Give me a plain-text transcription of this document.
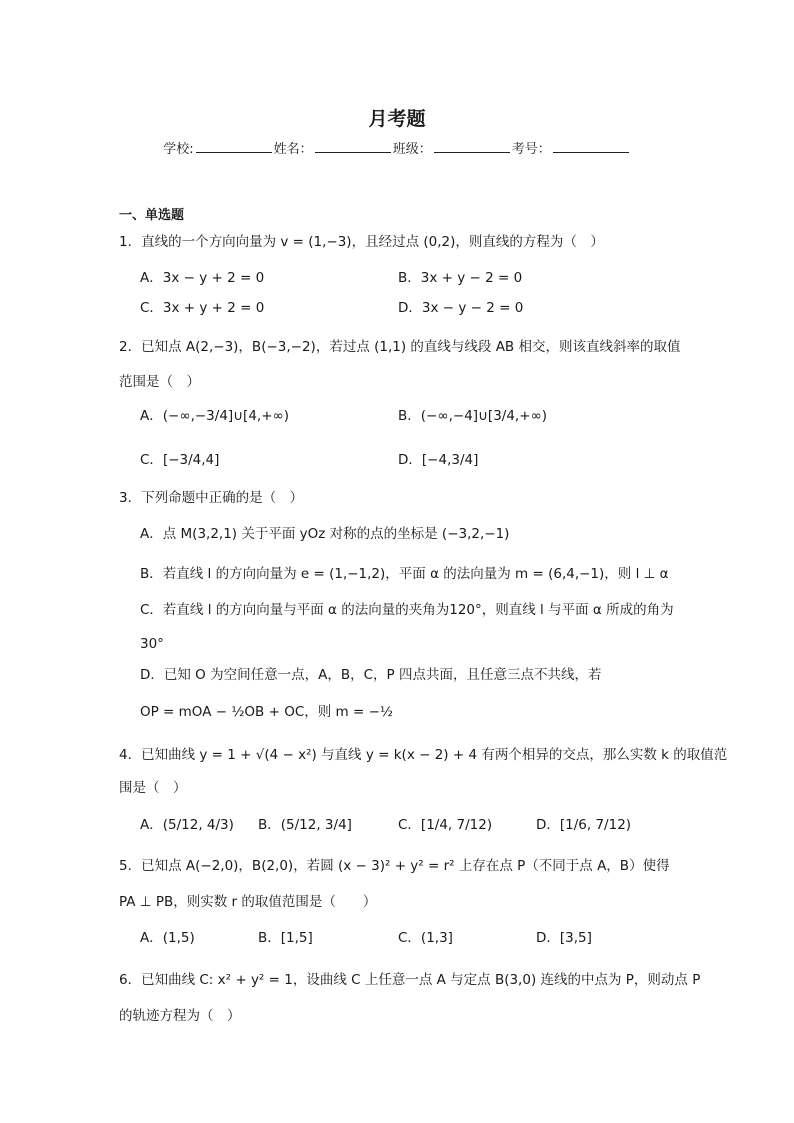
月考题
学校:	姓名：	班级：	考号：
一、单选题
1．直线的一个方向向量为 v = (1,−3)，且经过点 (0,2)，则直线的方程为（　）
A．3x − y + 2 = 0	B．3x + y − 2 = 0
C．3x + y + 2 = 0	D．3x − y − 2 = 0
2．已知点 A(2,−3)，B(−3,−2)，若过点 (1,1) 的直线与线段 AB 相交，则该直线斜率的取值
范围是（　）
A．(−∞,−3/4]∪[4,+∞)	B．(−∞,−4]∪[3/4,+∞)
C．[−3/4,4]	D．[−4,3/4]
3．下列命题中正确的是（　）
A．点 M(3,2,1) 关于平面 yOz 对称的点的坐标是 (−3,2,−1)
B．若直线 l 的方向向量为 e = (1,−1,2)，平面 α 的法向量为 m = (6,4,−1)，则 l ⊥ α
C．若直线 l 的方向向量与平面 α 的法向量的夹角为120°，则直线 l 与平面 α 所成的角为
30°
D．已知 O 为空间任意一点，A，B，C，P 四点共面，且任意三点不共线，若
OP = mOA − ½OB + OC，则 m = −½
4．已知曲线 y = 1 + √(4 − x²) 与直线 y = k(x − 2) + 4 有两个相异的交点，那么实数 k 的取值范
围是（　）
A．(5/12, 4/3) B．(5/12, 3/4]	C．[1/4, 7/12)	D．[1/6, 7/12)
5．已知点 A(−2,0)，B(2,0)，若圆 (x − 3)² + y² = r² 上存在点 P（不同于点 A，B）使得
PA ⊥ PB，则实数 r 的取值范围是（　　）
A．(1,5)	B．[1,5]	C．(1,3]	D．[3,5]
6．已知曲线 C: x² + y² = 1，设曲线 C 上任意一点 A 与定点 B(3,0) 连线的中点为 P，则动点 P
的轨迹方程为（　）
